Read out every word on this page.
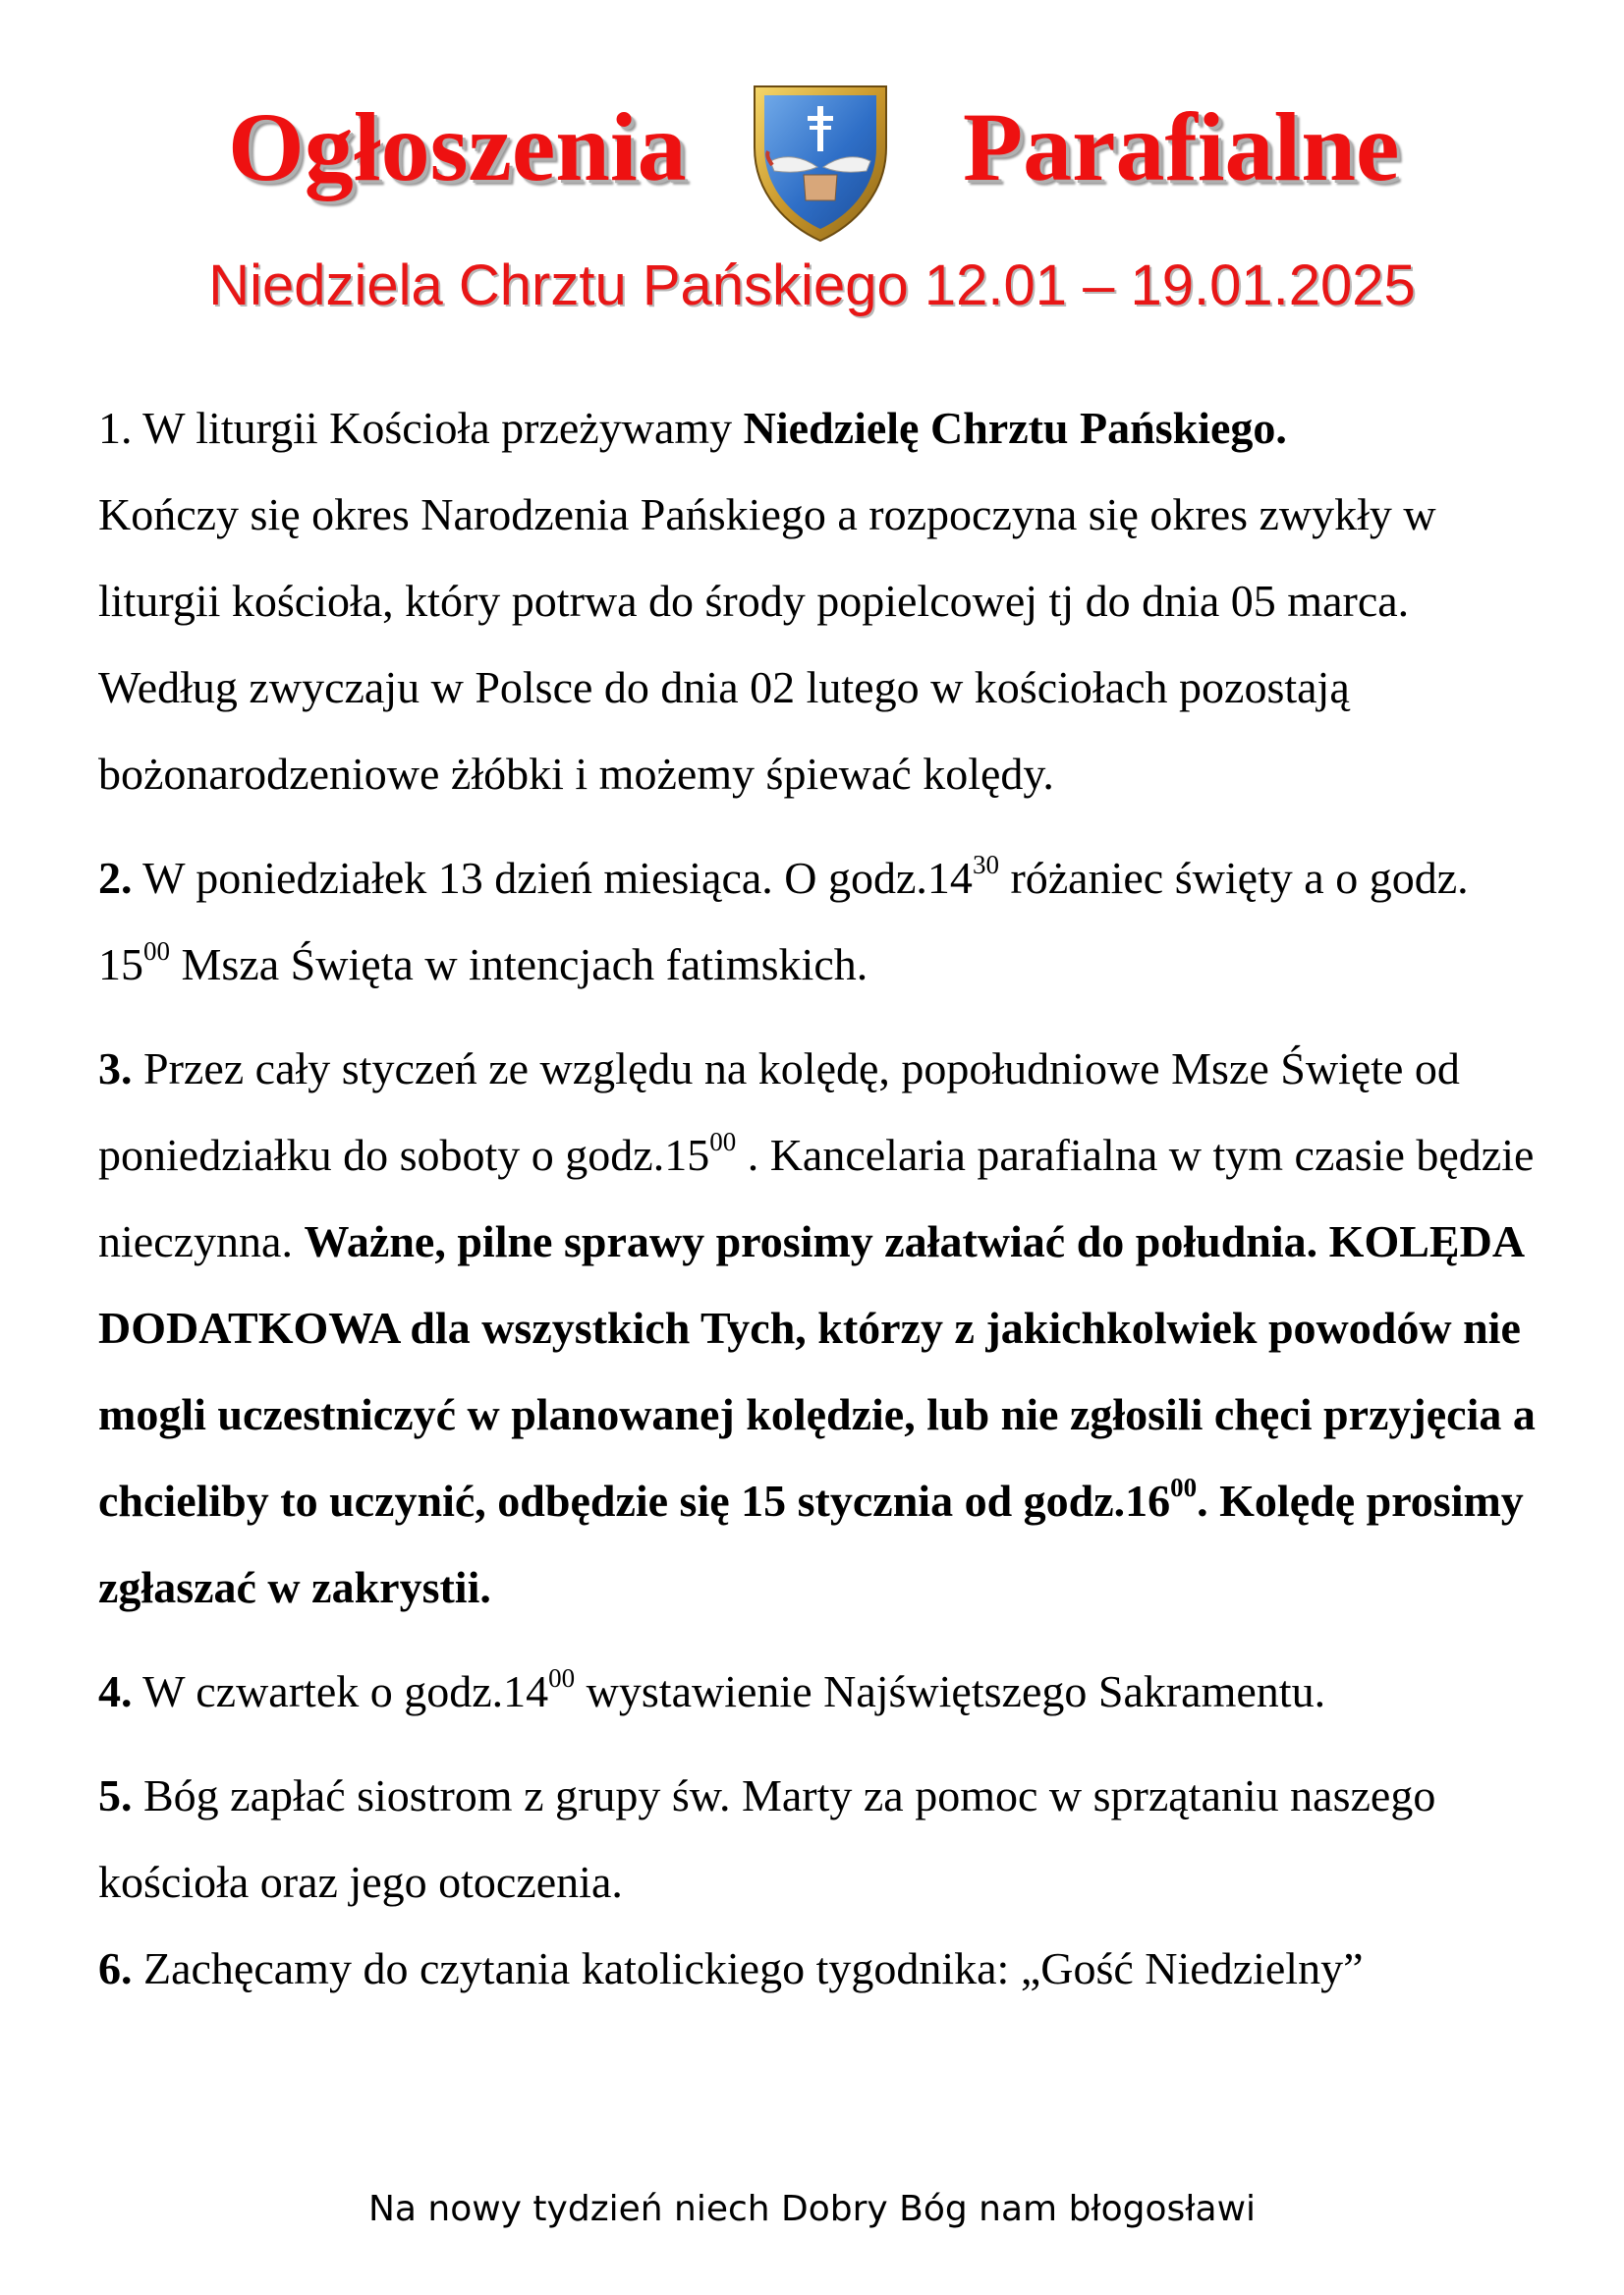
Ogłoszenia	Parafialne
Niedziela Chrztu Pańskiego 12.01 – 19.01.2025

1. W liturgii Kościoła przeżywamy Niedzielę Chrztu Pańskiego.
Kończy się okres Narodzenia Pańskiego a rozpoczyna się okres zwykły w liturgii kościoła, który potrwa do środy popielcowej tj do dnia 05 marca.
Według zwyczaju w Polsce do dnia 02 lutego w kościołach pozostają bożonarodzeniowe żłóbki i możemy śpiewać kolędy.

2. W poniedziałek 13 dzień miesiąca. O $godz.14^{30}$ różaniec święty a o godz. $15^{00}$ Msza Święta w intencjach fatimskich.

3. Przez cały styczeń ze względu na kolędę, popołudniowe Msze Święte od poniedziałku do soboty o $godz.15^{00}$ . Kancelaria parafialna w tym czasie będzie nieczynna. Ważne, pilne sprawy prosimy załatwiać do południa. KOLĘDA DODATKOWA dla wszystkich Tych, którzy z jakichkolwiek powodów nie mogli uczestniczyć w planowanej kolędzie, lub nie zgłosili chęci przyjęcia a chcieliby to uczynić, odbędzie się 15 stycznia od $godz.16^{00}$. Kolędę prosimy zgłaszać w zakrystii.

4. W czwartek o $godz.14^{00}$ wystawienie Najświętszego Sakramentu.

5. Bóg zapłać siostrom z grupy św. Marty za pomoc w sprzątaniu naszego kościoła oraz jego otoczenia.

6. Zachęcamy do czytania katolickiego tygodnika: „Gość Niedzielny”

Na nowy tydzień niech Dobry Bóg nam błogosławi
